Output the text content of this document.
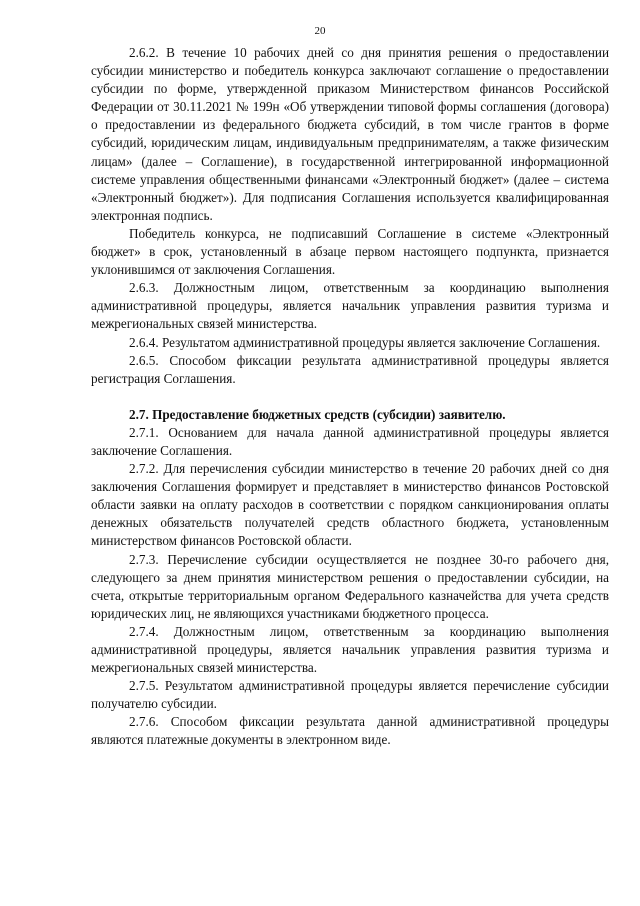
20

2.6.2. В течение 10 рабочих дней со дня принятия решения о предоставлении субсидии министерство и победитель конкурса заключают соглашение о предоставлении субсидии по форме, утвержденной приказом Министерством финансов Российской Федерации от 30.11.2021 № 199н «Об утверждении типовой формы соглашения (договора) о предоставлении из федерального бюджета субсидий, в том числе грантов в форме субсидий, юридическим лицам, индивидуальным предпринимателям, а также физическим лицам» (далее – Соглашение), в государственной интегрированной информационной системе управления общественными финансами «Электронный бюджет» (далее – система «Электронный бюджет»). Для подписания Соглашения используется квалифицированная электронная подпись.

Победитель конкурса, не подписавший Соглашение в системе «Электронный бюджет» в срок, установленный в абзаце первом настоящего подпункта, признается уклонившимся от заключения Соглашения.

2.6.3. Должностным лицом, ответственным за координацию выполнения административной процедуры, является начальник управления развития туризма и межрегиональных связей министерства.

2.6.4. Результатом административной процедуры является заключение Соглашения.

2.6.5. Способом фиксации результата административной процедуры является регистрация Соглашения.

2.7. Предоставление бюджетных средств (субсидии) заявителю.

2.7.1. Основанием для начала данной административной процедуры является заключение Соглашения.

2.7.2. Для перечисления субсидии министерство в течение 20 рабочих дней со дня заключения Соглашения формирует и представляет в министерство финансов Ростовской области заявки на оплату расходов в соответствии с порядком санкционирования оплаты денежных обязательств получателей средств областного бюджета, установленным министерством финансов Ростовской области.

2.7.3. Перечисление субсидии осуществляется не позднее 30-го рабочего дня, следующего за днем принятия министерством решения о предоставлении субсидии, на счета, открытые территориальным органом Федерального казначейства для учета средств юридических лиц, не являющихся участниками бюджетного процесса.

2.7.4. Должностным лицом, ответственным за координацию выполнения административной процедуры, является начальник управления развития туризма и межрегиональных связей министерства.

2.7.5. Результатом административной процедуры является перечисление субсидии получателю субсидии.

2.7.6. Способом фиксации результата данной административной процедуры являются платежные документы в электронном виде.
